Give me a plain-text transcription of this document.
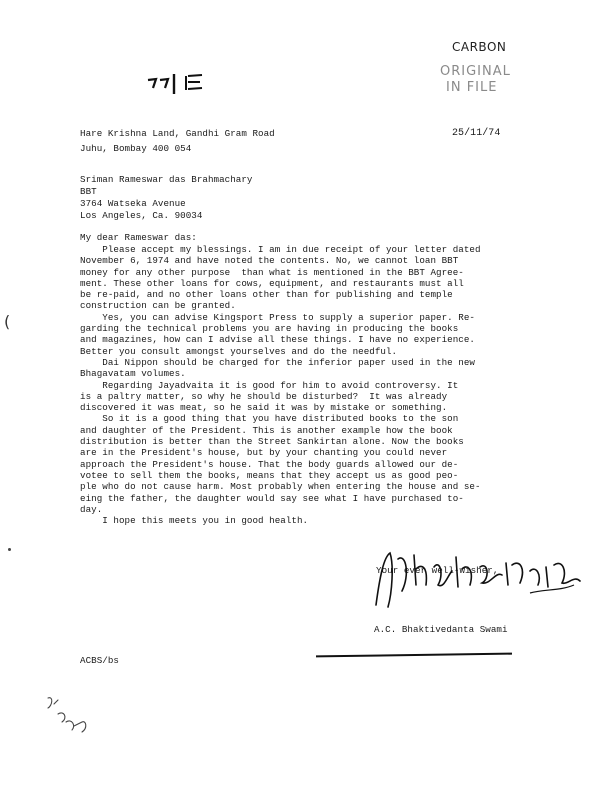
CARBON
ORIGINAL
IN FILE
Hare Krishna Land, Gandhi Gram Road
Juhu, Bombay 400 054
25/11/74
Sriman Rameswar das Brahmachary
BBT
3764 Watseka Avenue
Los Angeles, Ca. 90034
My dear Rameswar das:
Please accept my blessings. I am in due receipt of your letter dated
November 6, 1974 and have noted the contents. No, we cannot loan BBT
money for any other purpose  than what is mentioned in the BBT Agree-
ment. These other loans for cows, equipment, and restaurants must all
be re-paid, and no other loans other than for publishing and temple
construction can be granted.
Yes, you can advise Kingsport Press to supply a superior paper. Re-
garding the technical problems you are having in producing the books
and magazines, how can I advise all these things. I have no experience.
Better you consult amongst yourselves and do the needful.
Dai Nippon should be charged for the inferior paper used in the new
Bhagavatam volumes.
Regarding Jayadvaita it is good for him to avoid controversy. It
is a paltry matter, so why he should be disturbed?  It was already
discovered it was meat, so he said it was by mistake or something.
So it is a good thing that you have distributed books to the son
and daughter of the President. This is another example how the book
distribution is better than the Street Sankirtan alone. Now the books
are in the President's house, but by your chanting you could never
approach the President's house. That the body guards allowed our de-
votee to sell them the books, means that they accept us as good peo-
ple who do not cause harm. Most probably when entering the house and se-
eing the father, the daughter would say see what I have purchased to-
day.
I hope this meets you in good health.
(
Your ever well-wisher,
A.C. Bhaktivedanta Swami
ACBS/bs
